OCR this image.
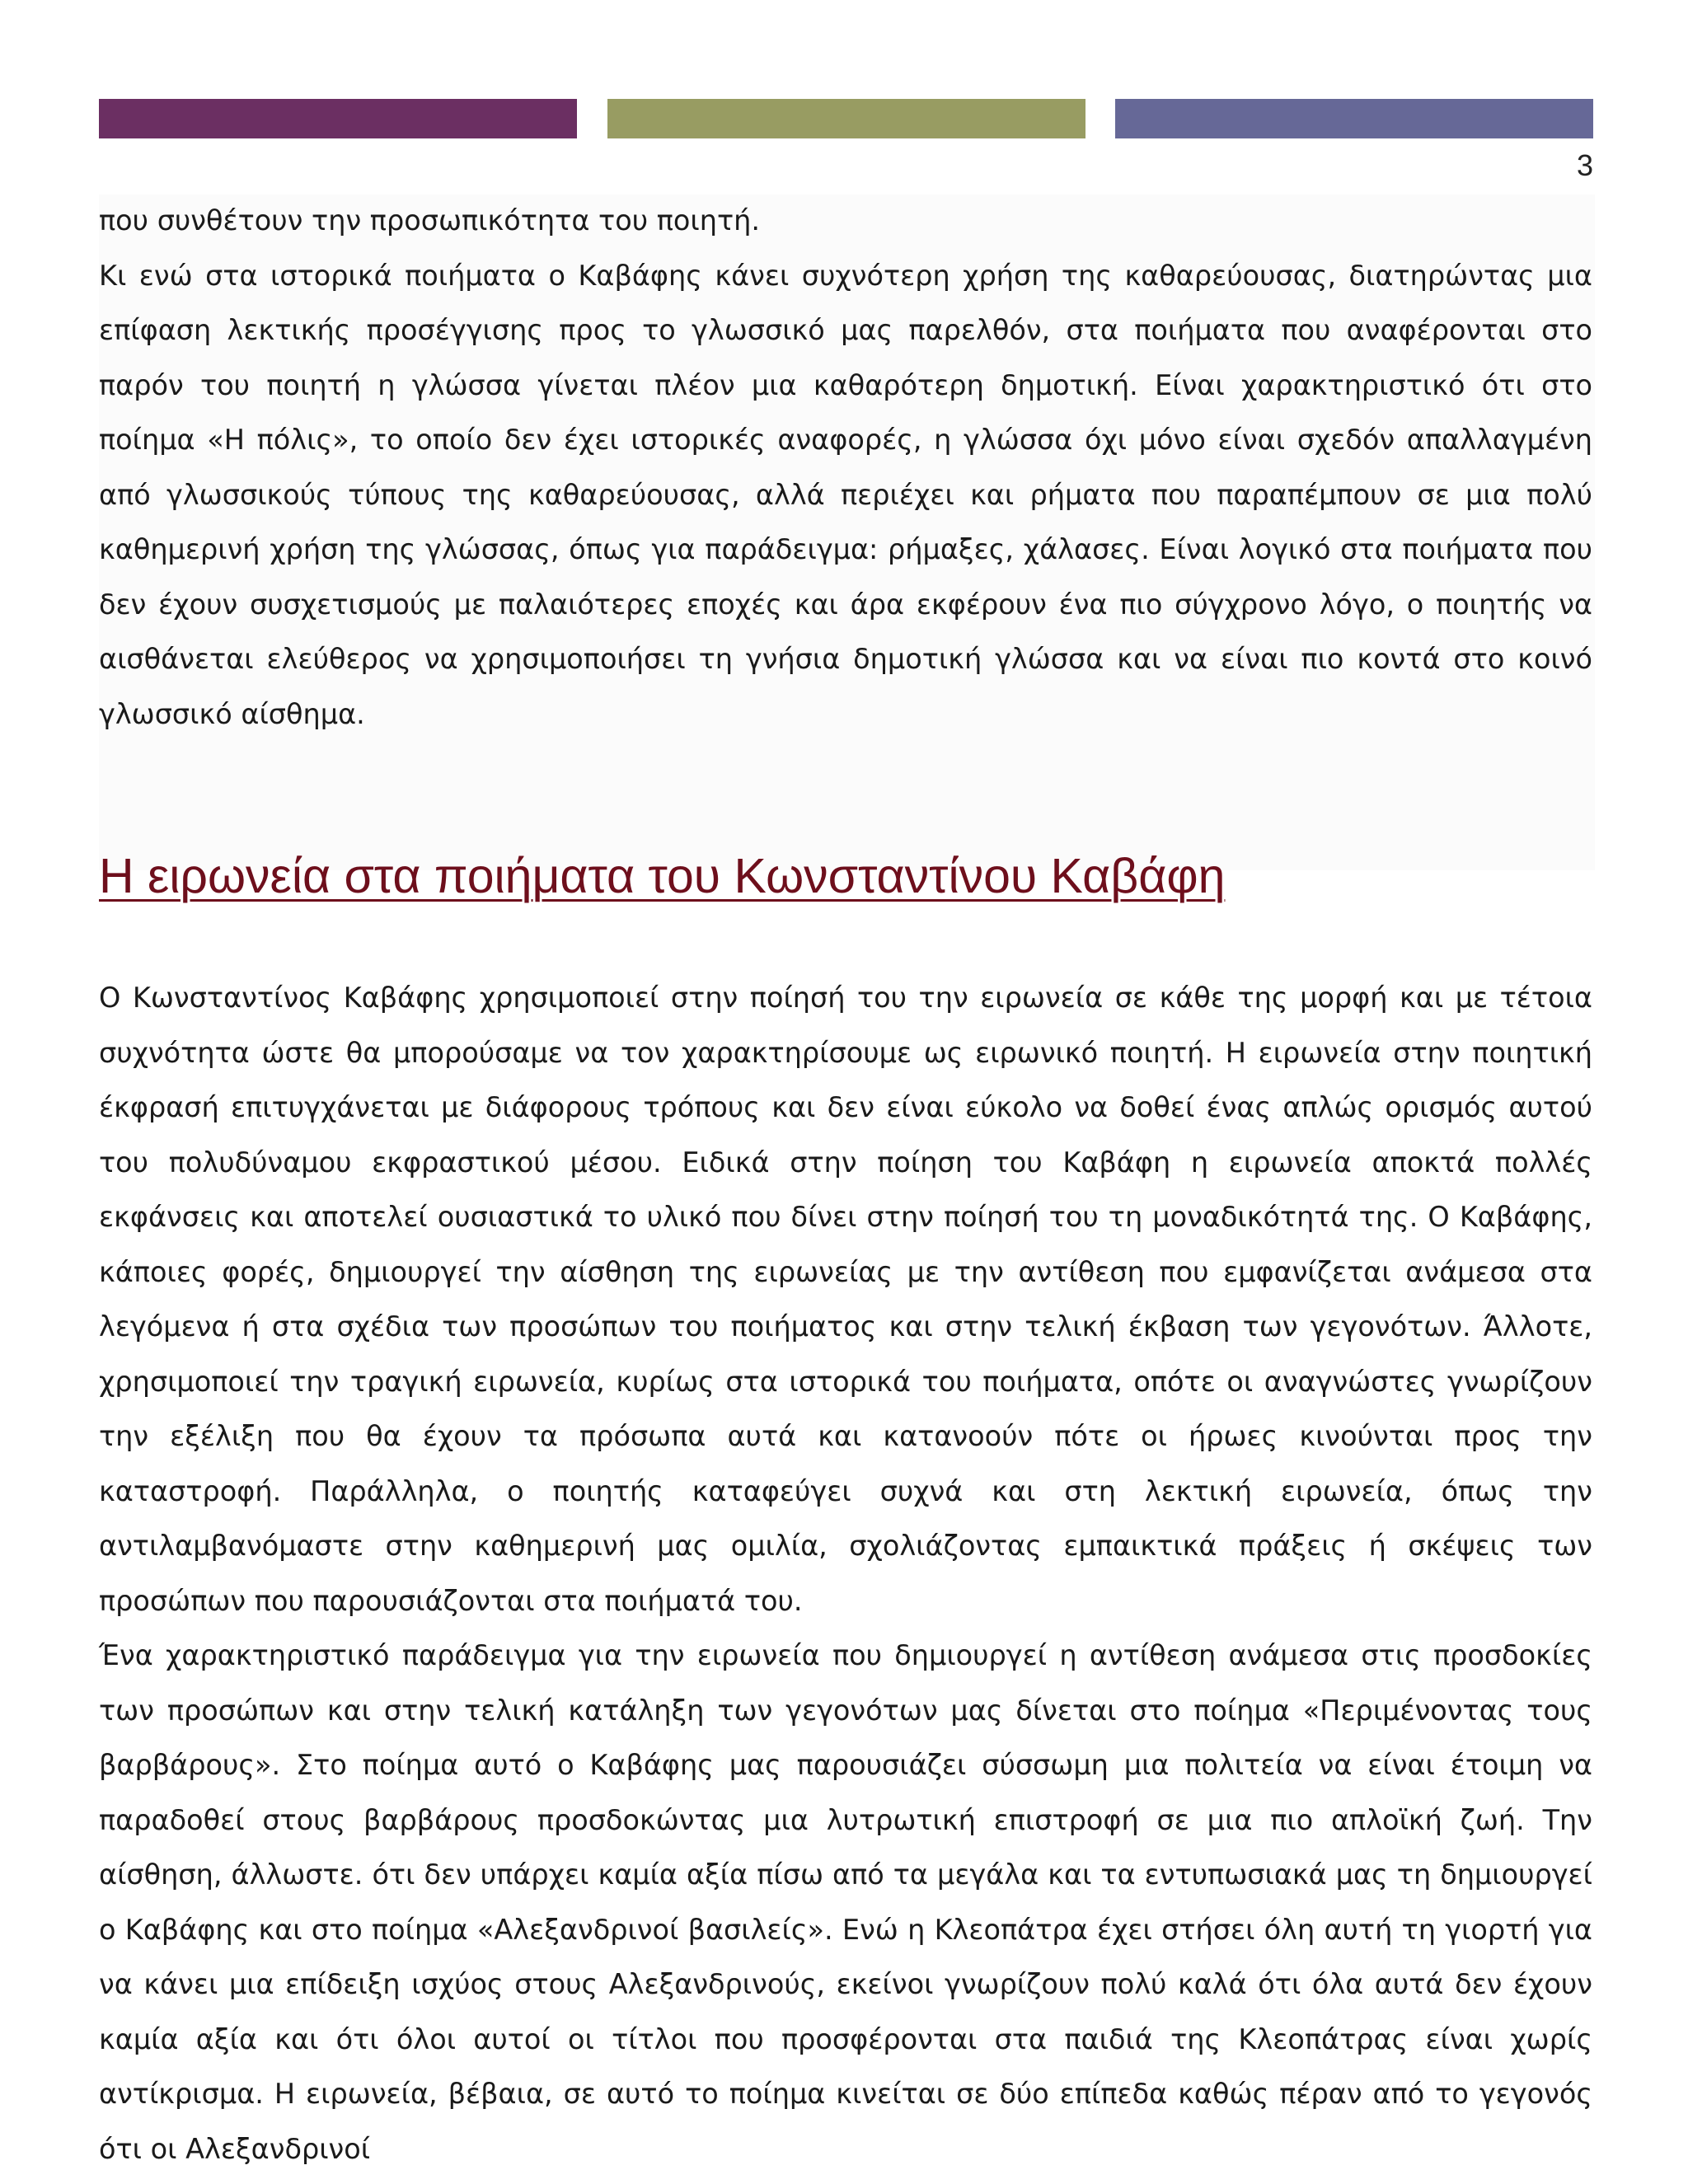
3

που συνθέτουν την προσωπικότητα του ποιητή.

Κι ενώ στα ιστορικά ποιήματα ο Καβάφης κάνει συχνότερη χρήση της καθαρεύουσας, διατηρώντας μια επίφαση λεκτικής προσέγγισης προς το γλωσσικό μας παρελθόν, στα ποιήματα που αναφέρονται στο παρόν του ποιητή η γλώσσα γίνεται πλέον μια καθαρότερη δημοτική. Είναι χαρακτηριστικό ότι στο ποίημα «Η πόλις», το οποίο δεν έχει ιστορικές αναφορές, η γλώσσα όχι μόνο είναι σχεδόν απαλλαγμένη από γλωσσικούς τύπους της καθαρεύουσας, αλλά περιέχει και ρήματα που παραπέμπουν σε μια πολύ καθημερινή χρήση της γλώσσας, όπως για παράδειγμα: ρήμαξες, χάλασες. Είναι λογικό στα ποιήματα που δεν έχουν συσχετισμούς με παλαιότερες εποχές και άρα εκφέρουν ένα πιο σύγχρονο λόγο, ο ποιητής να αισθάνεται ελεύθερος να χρησιμοποιήσει τη γνήσια δημοτική γλώσσα και να είναι πιο κοντά στο κοινό γλωσσικό αίσθημα.

Η ειρωνεία στα ποιήματα του Κωνσταντίνου Καβάφη

Ο Κωνσταντίνος Καβάφης χρησιμοποιεί στην ποίησή του την ειρωνεία σε κάθε της μορφή και με τέτοια συχνότητα ώστε θα μπορούσαμε να τον χαρακτηρίσουμε ως ειρωνικό ποιητή. Η ειρωνεία στην ποιητική έκφρασή επιτυγχάνεται με διάφορους τρόπους και δεν είναι εύκολο να δοθεί ένας απλώς ορισμός αυτού του πολυδύναμου εκφραστικού μέσου. Ειδικά στην ποίηση του Καβάφη η ειρωνεία αποκτά πολλές εκφάνσεις και αποτελεί ουσιαστικά το υλικό που δίνει στην ποίησή του τη μοναδικότητά της. Ο Καβάφης, κάποιες φορές, δημιουργεί την αίσθηση της ειρωνείας με την αντίθεση που εμφανίζεται ανάμεσα στα λεγόμενα ή στα σχέδια των προσώπων του ποιήματος και στην τελική έκβαση των γεγονότων. Άλλοτε, χρησιμοποιεί την τραγική ειρωνεία, κυρίως στα ιστορικά του ποιήματα, οπότε οι αναγνώστες γνωρίζουν την εξέλιξη που θα έχουν τα πρόσωπα αυτά και κατανοούν πότε οι ήρωες κινούνται προς την καταστροφή. Παράλληλα, ο ποιητής καταφεύγει συχνά και στη λεκτική ειρωνεία, όπως την αντιλαμβανόμαστε στην καθημερινή μας ομιλία, σχολιάζοντας εμπαικτικά πράξεις ή σκέψεις των προσώπων που παρουσιάζονται στα ποιήματά του.

Ένα χαρακτηριστικό παράδειγμα για την ειρωνεία που δημιουργεί η αντίθεση ανάμεσα στις προσδοκίες των προσώπων και στην τελική κατάληξη των γεγονότων μας δίνεται στο ποίημα «Περιμένοντας τους βαρβάρους». Στο ποίημα αυτό ο Καβάφης μας παρουσιάζει σύσσωμη μια πολιτεία να είναι έτοιμη να παραδοθεί στους βαρβάρους προσδοκώντας μια λυτρωτική επιστροφή σε μια πιο απλοϊκή ζωή. Την αίσθηση, άλλωστε. ότι δεν υπάρχει καμία αξία πίσω από τα μεγάλα και τα εντυπωσιακά μας τη δημιουργεί ο Καβάφης και στο ποίημα «Αλεξανδρινοί βασιλείς». Ενώ η Κλεοπάτρα έχει στήσει όλη αυτή τη γιορτή για να κάνει μια επίδειξη ισχύος στους Αλεξανδρινούς, εκείνοι γνωρίζουν πολύ καλά ότι όλα αυτά δεν έχουν καμία αξία και ότι όλοι αυτοί οι τίτλοι που προσφέρονται στα παιδιά της Κλεοπάτρας είναι χωρίς αντίκρισμα. Η ειρωνεία, βέβαια, σε αυτό το ποίημα κινείται σε δύο επίπεδα καθώς πέραν από το γεγονός ότι οι Αλεξανδρινοί
